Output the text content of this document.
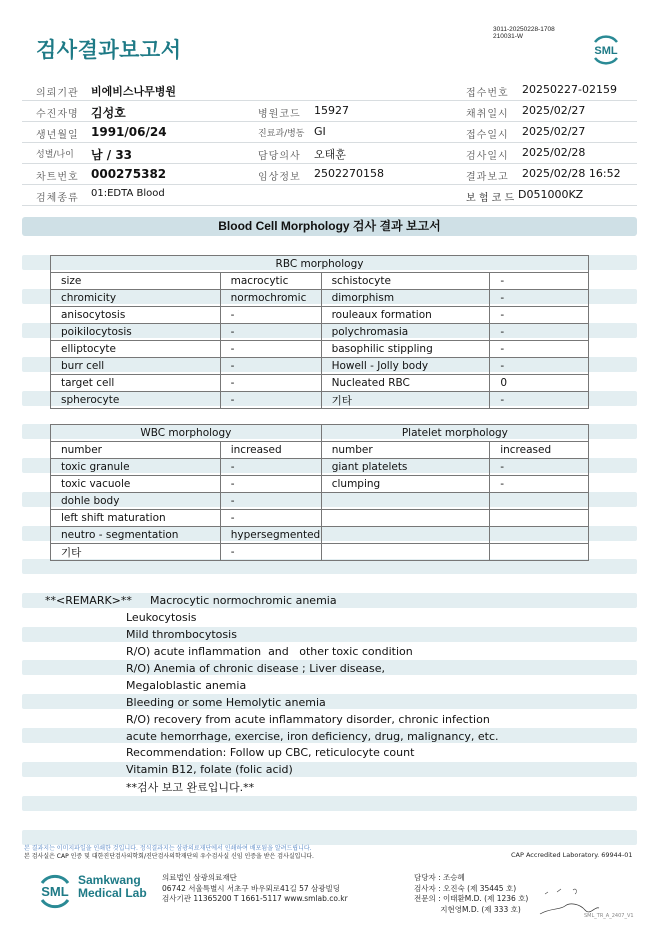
검사결과보고서
3011-20250228-1708
210031-W
SML
의뢰기관 비에비스나무병원	접수번호 20250227-02159
수진자명 김성호	병원코드 15927	채취일시 2025/02/27
생년월일 1991/06/24	진료과/병동 GI	접수일시 2025/02/27
성별/나이 남 / 33	담당의사 오태훈	검사일시 2025/02/28
차트번호 000275382	임상정보 2502270158	결과보고 2025/02/28 16:52
검체종류 01:EDTA Blood	보 험 코 드 D051000KZ
Blood Cell Morphology 검사 결과 보고서
RBC morphology			
size	macrocytic	schistocyte	-
chromicity	normochromic	dimorphism	-
anisocytosis	-	rouleaux formation	-
poikilocytosis	-	polychromasia	-
elliptocyte	-	basophilic stippling	-
burr cell	-	Howell - Jolly body	-
target cell	-	Nucleated RBC	0
spherocyte	-	기타	-
WBC morphology		Platelet morphology	
number	increased	number	increased
toxic granule	-	giant platelets	-
toxic vacuole	-	clumping	-
dohle body	-		
left shift maturation	-		
neutro - segmentation	hypersegmented		
기타	-		
**<REMARK>** Macrocytic normochromic anemia
Leukocytosis
Mild thrombocytosis
R/O) acute inflammation  and   other toxic condition
R/O) Anemia of chronic disease ; Liver disease,
Megaloblastic anemia
Bleeding or some Hemolytic anemia
R/O) recovery from acute inflammatory disorder, chronic infection
acute hemorrhage, exercise, iron deficiency, drug, malignancy, etc.
Recommendation: Follow up CBC, reticulocyte count
Vitamin B12, folate (folic acid)
**검사 보고 완료입니다.**
본 결과지는 이미지파일을 인쇄한 것입니다. 정식결과지는 삼광의료재단에서 인쇄하여 배포됨을 알려드립니다.
본 검사실은 CAP 인증 및 대한진단검사의학회/진단검사의학재단의 우수검사실 신임 인증을 받은 검사실입니다.	CAP Accredited Laboratory. 69944-01
SML
Samkwang
Medical Lab
의료법인 삼광의료재단
06742 서울특별시 서초구 바우뫼로41길 57 삼광빌딩
검사기관 11365200 T 1661-5117 www.smlab.co.kr
담당자 : 조승혜
검사자 : 오진숙 (제 35445 호)
전문의 : 이태환M.D. (제 1236 호)
지현영M.D. (제 333 호)
SML_TR_A_2407_V1
